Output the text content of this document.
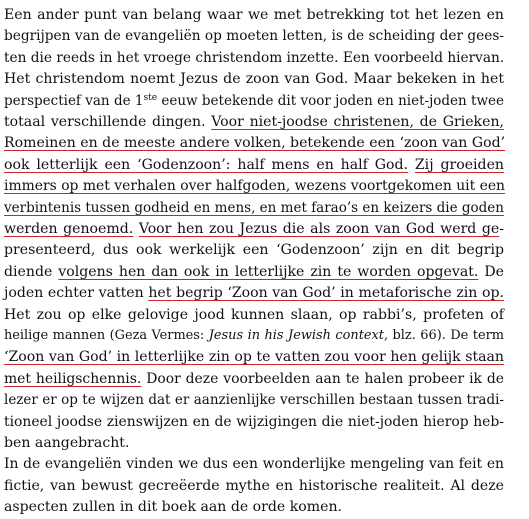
Een ander punt van belang waar we met betrekking tot het lezen en
begrijpen van de evangeliën op moeten letten, is de scheiding der gees-
ten die reeds in het vroege christendom inzette. Een voorbeeld hiervan.
Het christendom noemt Jezus de zoon van God. Maar bekeken in het
perspectief van de 1ste eeuw betekende dit voor joden en niet-joden twee
totaal verschillende dingen. Voor niet-joodse christenen, de Grieken,
Romeinen en de meeste andere volken, betekende een ‘zoon van God’
ook letterlijk een ‘Godenzoon’: half mens en half God. Zij groeiden
immers op met verhalen over halfgoden, wezens voortgekomen uit een
verbintenis tussen godheid en mens, en met farao’s en keizers die goden
werden genoemd. Voor hen zou Jezus die als zoon van God werd ge-
presenteerd, dus ook werkelijk een ‘Godenzoon’ zijn en dit begrip
diende volgens hen dan ook in letterlijke zin te worden opgevat. De
joden echter vatten het begrip ‘Zoon van God’ in metaforische zin op.
Het zou op elke gelovige jood kunnen slaan, op rabbi’s, profeten of
heilige mannen (Geza Vermes: Jesus in his Jewish context, blz. 66). De term
‘Zoon van God’ in letterlijke zin op te vatten zou voor hen gelijk staan
met heiligschennis. Door deze voorbeelden aan te halen probeer ik de
lezer er op te wijzen dat er aanzienlijke verschillen bestaan tussen tradi-
tioneel joodse zienswijzen en de wijzigingen die niet-joden hierop heb-
ben aangebracht.
In de evangeliën vinden we dus een wonderlijke mengeling van feit en
fictie, van bewust gecreëerde mythe en historische realiteit. Al deze
aspecten zullen in dit boek aan de orde komen.
